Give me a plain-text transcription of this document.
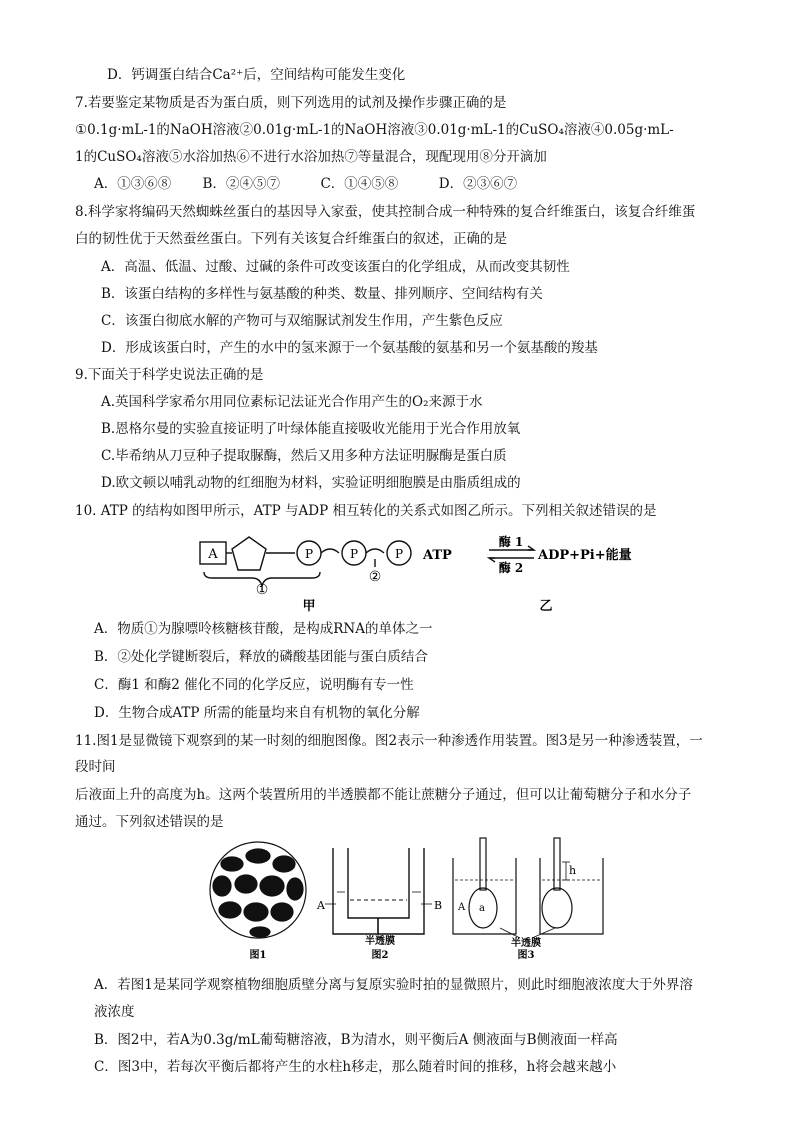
D．钙调蛋白结合Ca²⁺后，空间结构可能发生变化
7.若要鉴定某物质是否为蛋白质，则下列选用的试剂及操作步骤正确的是
①0.1g·mL-1的NaOH溶液②0.01g·mL-1的NaOH溶液③0.01g·mL-1的CuSO₄溶液④0.05g·mL-
1的CuSO₄溶液⑤水浴加热⑥不进行水浴加热⑦等量混合，现配现用⑧分开滴加
A．①③⑥⑧　　 B．②④⑤⑦　　　C．①④⑤⑧　　　D．②③⑥⑦
8.科学家将编码天然蜘蛛丝蛋白的基因导入家蚕，使其控制合成一种特殊的复合纤维蛋白，该复合纤维蛋
白的韧性优于天然蚕丝蛋白。下列有关该复合纤维蛋白的叙述，正确的是
A．高温、低温、过酸、过碱的条件可改变该蛋白的化学组成，从而改变其韧性
B．该蛋白结构的多样性与氨基酸的种类、数量、排列顺序、空间结构有关
C．该蛋白彻底水解的产物可与双缩脲试剂发生作用，产生紫色反应
D．形成该蛋白时，产生的水中的氢来源于一个氨基酸的氨基和另一个氨基酸的羧基
9.下面关于科学史说法正确的是
A.英国科学家希尔用同位素标记法证光合作用产生的O₂来源于水
B.恩格尔曼的实验直接证明了叶绿体能直接吸收光能用于光合作用放氧
C.毕希纳从刀豆种子提取脲酶，然后又用多种方法证明脲酶是蛋白质
D.欧文顿以哺乳动物的红细胞为材料，实验证明细胞膜是由脂质组成的
10. ATP 的结构如图甲所示，ATP 与ADP 相互转化的关系式如图乙所示。下列相关叙述错误的是
A	P	P	P
①
②
甲
ATP
酶 1
酶 2
ADP+Pi+能量
乙
A．物质①为腺嘌呤核糖核苷酸，是构成RNA的单体之一
B．②处化学键断裂后，释放的磷酸基团能与蛋白质结合
C．酶1 和酶2 催化不同的化学反应，说明酶有专一性
D．生物合成ATP 所需的能量均来自有机物的氧化分解
11.图1是显微镜下观察到的某一时刻的细胞图像。图2表示一种渗透作用装置。图3是另一种渗透装置，一
段时间
后液面上升的高度为h。这两个装置所用的半透膜都不能让蔗糖分子通过，但可以让葡萄糖分子和水分子
通过。下列叙述错误的是
A	B
半透膜
图2
图1
A a
h
半透膜
图3
A．若图1是某同学观察植物细胞质壁分离与复原实验时拍的显微照片，则此时细胞液浓度大于外界溶
液浓度
B．图2中，若A为0.3g/mL葡萄糖溶液，B为清水，则平衡后A 侧液面与B侧液面一样高
C．图3中，若每次平衡后都将产生的水柱h移走，那么随着时间的推移，h将会越来越小
